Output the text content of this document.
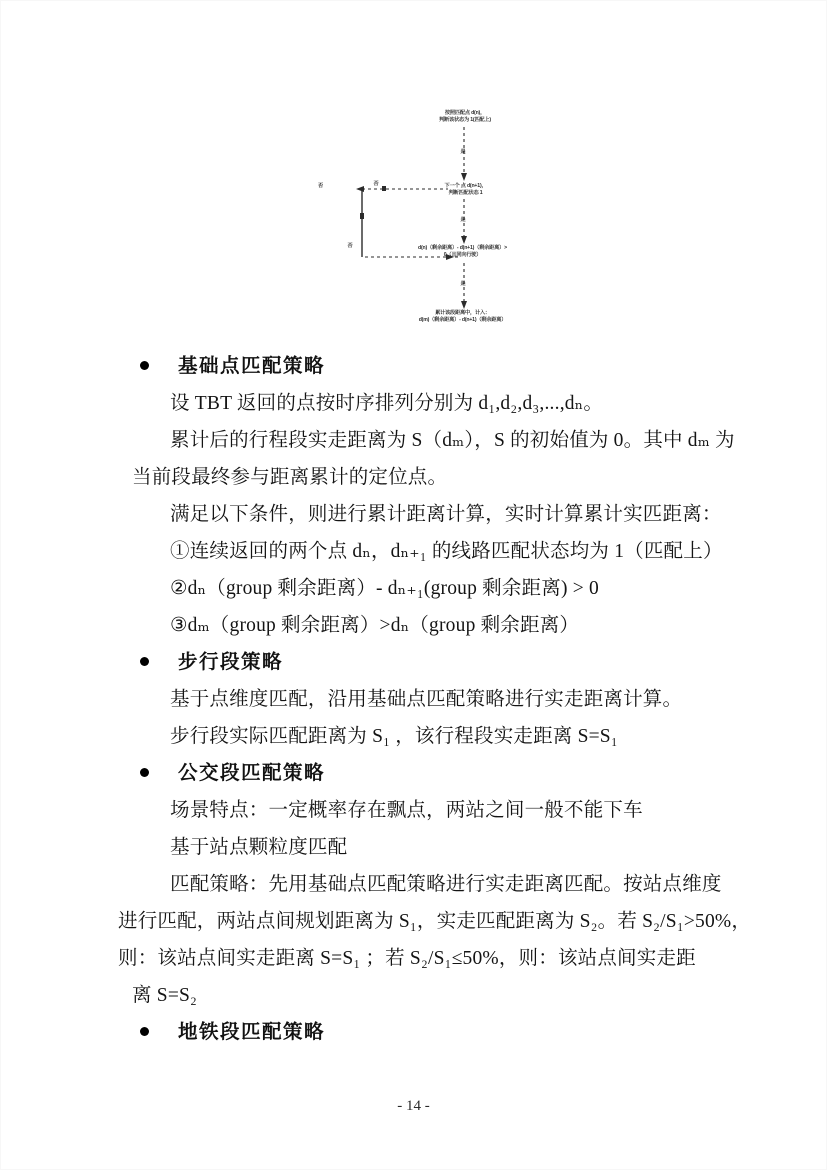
按照匹配点 d(n)，
判断该状态为 1(匹配上)
下一个 点 d(n+1)，
判断匹配状态 1
d(n)（剩余距离）- d(n+1)（剩余距离）>
0（且同向行驶）
累计该段距离中，计入：
d(m)（剩余距离）- d(n+1)（剩余距离）
否	否
否
是
是
是
基础点匹配策略

设 TBT 返回的点按时序排列分别为 d₁,d₂,d₃,...,dₙ。

累计后的行程段实走距离为 S（dₘ），S 的初始值为 0。其中 dₘ 为

当前段最终参与距离累计的定位点。

满足以下条件，则进行累计距离计算，实时计算累计实匹距离：

①连续返回的两个点 dₙ，dₙ₊₁ 的线路匹配状态均为 1（匹配上）

②dₙ（group 剩余距离）- dₙ₊₁(group 剩余距离) > 0

③dₘ（group 剩余距离）>dₙ（group 剩余距离）

步行段策略

基于点维度匹配，沿用基础点匹配策略进行实走距离计算。

步行段实际匹配距离为 S₁ ，该行程段实走距离 S=S₁

公交段匹配策略

场景特点：一定概率存在飘点，两站之间一般不能下车

基于站点颗粒度匹配

匹配策略：先用基础点匹配策略进行实走距离匹配。按站点维度

进行匹配，两站点间规划距离为 S₁，实走匹配距离为 S₂。若 S₂/S₁>50%，

则：该站点间实走距离 S=S₁ ；若 S₂/S₁≤50%，则：该站点间实走距

离 S=S₂

地铁段匹配策略
- 14 -
